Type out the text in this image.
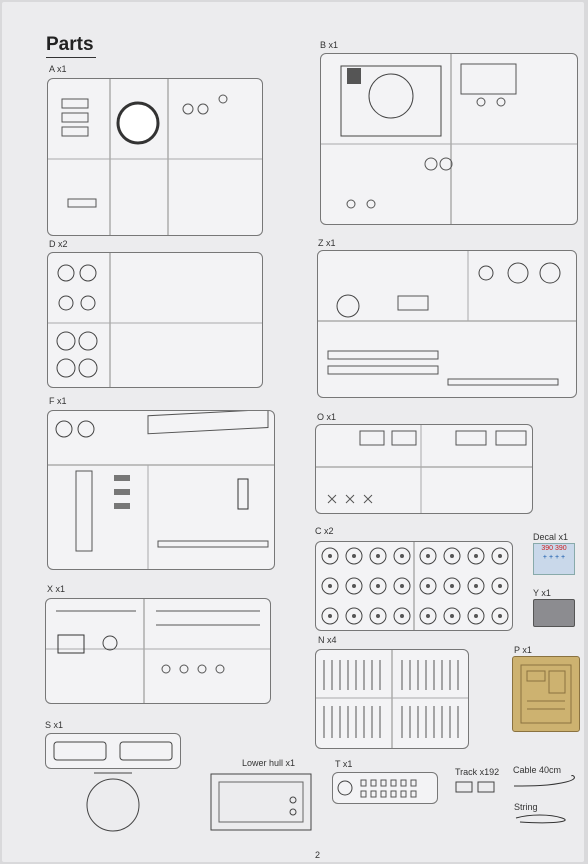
Parts
A x1
B x1
D x2	Z x1
F x1
O x1
C x2
Decal x1
390 390
+ + + +
Y x1
X x1
N x4
P x1
S x1
Lower hull x1	T x1
Track x192 Cable 40cm
String
2
